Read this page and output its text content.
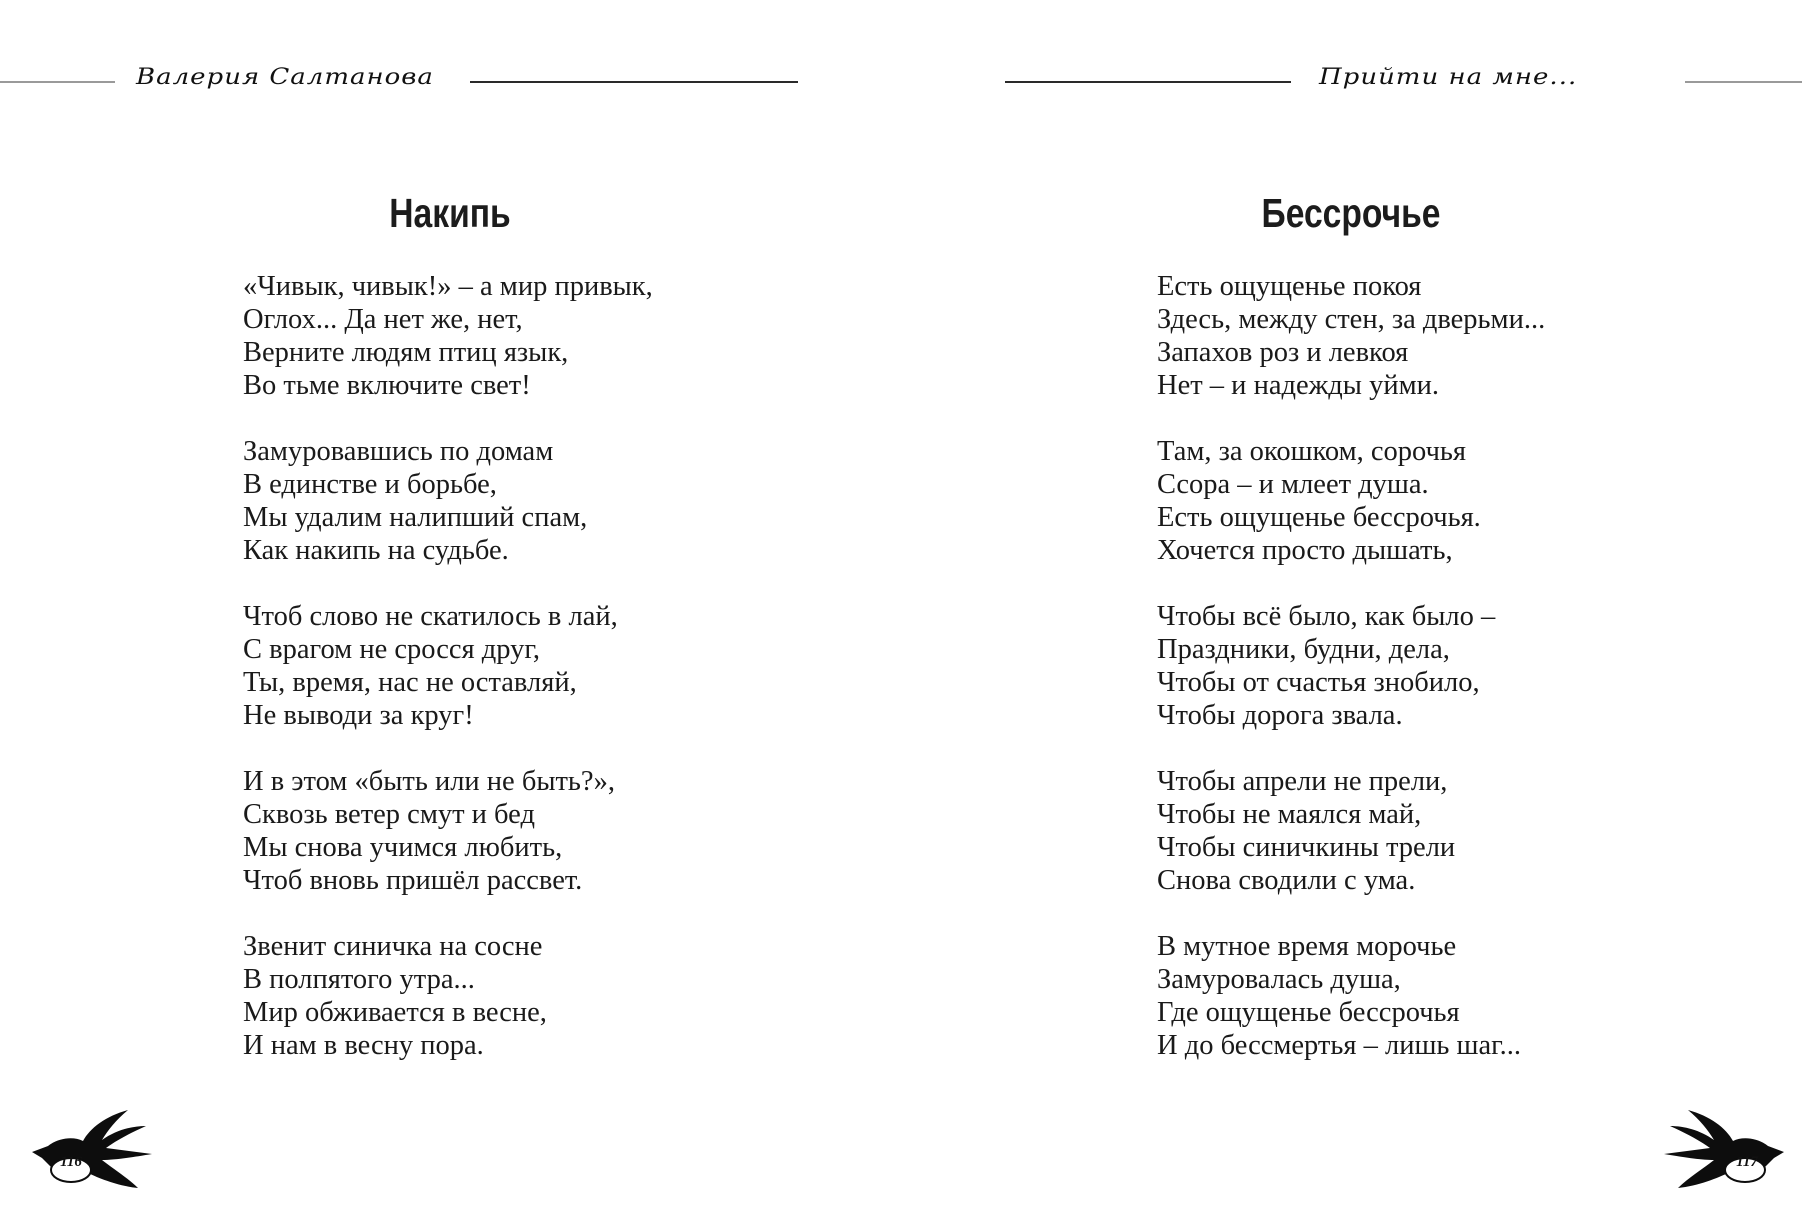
Валерия Салтанова
Накипь
«Чивык, чивык!» – а мир привык,
Оглох... Да нет же, нет,
Верните людям птиц язык,
Во тьме включите свет!
Замуровавшись по домам
В единстве и борьбе,
Мы удалим налипший спам,
Как накипь на судьбе.
Чтоб слово не скатилось в лай,
С врагом не сросся друг,
Ты, время, нас не оставляй,
Не выводи за круг!
И в этом «быть или не быть?»,
Сквозь ветер смут и бед
Мы снова учимся любить,
Чтоб вновь пришёл рассвет.
Звенит синичка на сосне
В полпятого утра...
Мир обживается в весне,
И нам в весну пора.
116
Прийти на мне...
Бессрочье
Есть ощущенье покоя
Здесь, между стен, за дверьми...
Запахов роз и левкоя
Нет – и надежды уйми.
Там, за окошком, сорочья
Ссора – и млеет душа.
Есть ощущенье бессрочья.
Хочется просто дышать,
Чтобы всё было, как было –
Праздники, будни, дела,
Чтобы от счастья знобило,
Чтобы дорога звала.
Чтобы апрели не прели,
Чтобы не маялся май,
Чтобы синичкины трели
Снова сводили с ума.
В мутное время морочье
Замуровалась душа,
Где ощущенье бессрочья
И до бессмертья – лишь шаг...
117
